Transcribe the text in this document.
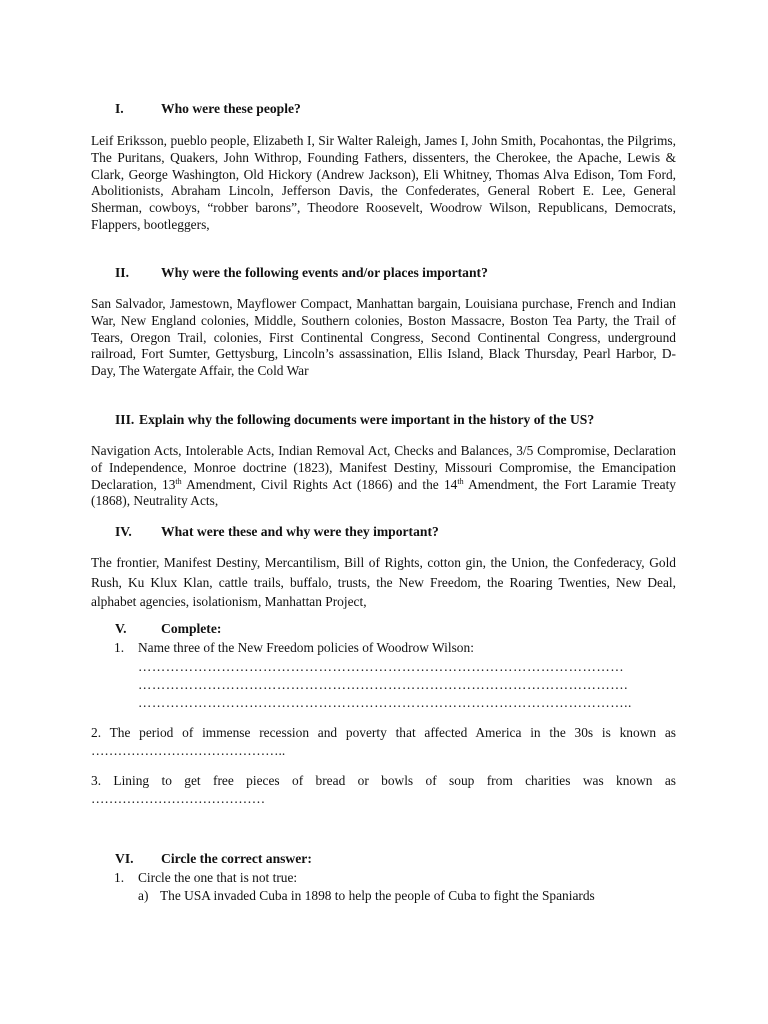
I.	Who were these people?
Leif Eriksson, pueblo people, Elizabeth I, Sir Walter Raleigh, James I, John Smith, Pocahontas, the Pilgrims, The Puritans, Quakers, John Withrop, Founding Fathers, dissenters, the Cherokee, the Apache, Lewis & Clark, George Washington, Old Hickory (Andrew Jackson), Eli Whitney, Thomas Alva Edison, Tom Ford, Abolitionists, Abraham Lincoln, Jefferson Davis, the Confederates, General Robert E. Lee, General Sherman, cowboys, “robber barons”, Theodore Roosevelt, Woodrow Wilson, Republicans, Democrats, Flappers, bootleggers,
II. Why were the following events and/or places important?
San Salvador, Jamestown, Mayflower Compact, Manhattan bargain, Louisiana purchase, French and Indian War, New England colonies, Middle, Southern colonies, Boston Massacre, Boston Tea Party, the Trail of Tears, Oregon Trail, colonies, First Continental Congress, Second Continental Congress, underground railroad, Fort Sumter, Gettysburg, Lincoln’s assassination, Ellis Island, Black Thursday, Pearl Harbor, D-Day, The Watergate Affair, the Cold War
III. Explain why the following documents were important in the history of the US?
Navigation Acts, Intolerable Acts, Indian Removal Act, Checks and Balances, 3/5 Compromise, Declaration of Independence, Monroe doctrine (1823), Manifest Destiny, Missouri Compromise, the Emancipation Declaration, 13th Amendment, Civil Rights Act (1866) and the 14th Amendment, the Fort Laramie Treaty (1868), Neutrality Acts,
IV. What were these and why were they important?
The frontier, Manifest Destiny, Mercantilism, Bill of Rights, cotton gin, the Union, the Confederacy, Gold Rush, Ku Klux Klan, cattle trails, buffalo, trusts, the New Freedom, the Roaring Twenties, New Deal, alphabet agencies, isolationism, Manhattan Project,
V.	Complete:
1. Name three of the New Freedom policies of Woodrow Wilson:
……………………………………………………………………………………………
…………………………………………………………………………………………….
……………………………………………………………………………………………..
2. The period of immense recession and poverty that affected America in the 30s is known as
……………………………………..
3. Lining to get free pieces of bread or bowls of soup from charities was known as
…………………………………
VI. Circle the correct answer:
1. Circle the one that is not true:
a) The USA invaded Cuba in 1898 to help the people of Cuba to fight the Spaniards
